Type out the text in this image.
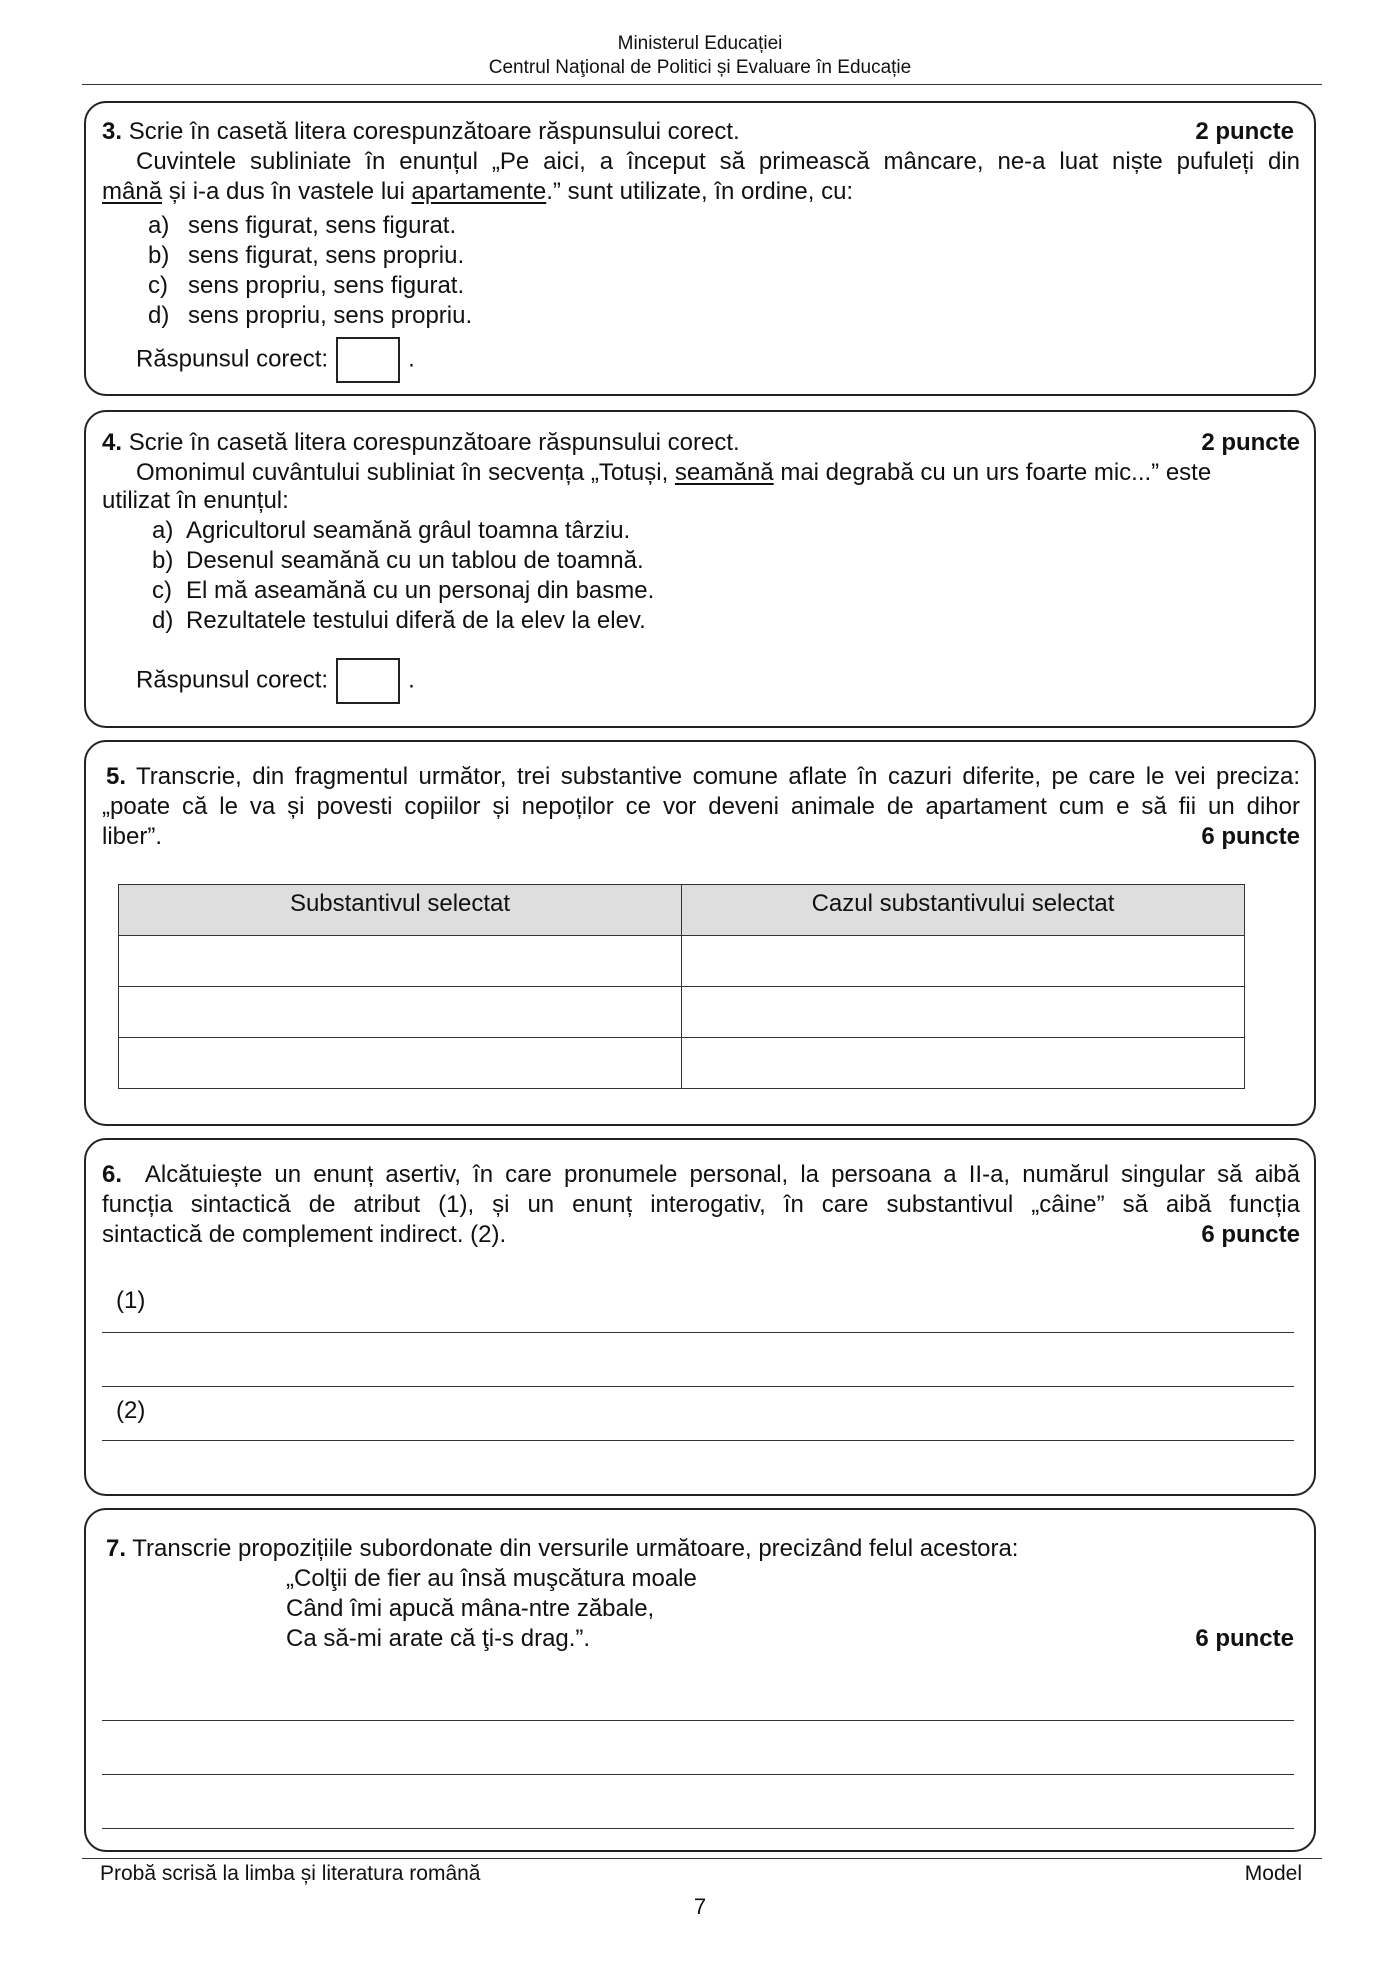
Ministerul Educației
Centrul Naţional de Politici și Evaluare în Educație
3. Scrie în casetă litera corespunzătoare răspunsului corect.	2 puncte
Cuvintele subliniate în enunțul „Pe aici, a început să primească mâncare, ne-a luat niște pufuleți din
mână și i-a dus în vastele lui apartamente.” sunt utilizate, în ordine, cu:
a) sens figurat, sens figurat.
b) sens figurat, sens propriu.
c) sens propriu, sens figurat.
d) sens propriu, sens propriu.
Răspunsul corect:	.
4. Scrie în casetă litera corespunzătoare răspunsului corect.	2 puncte
Omonimul cuvântului subliniat în secvența „Totuși, seamănă mai degrabă cu un urs foarte mic...” este
utilizat în enunțul:
a) Agricultorul seamănă grâul toamna târziu.
b) Desenul seamănă cu un tablou de toamnă.
c) El mă aseamănă cu un personaj din basme.
d) Rezultatele testului diferă de la elev la elev.
Răspunsul corect:	.
5. Transcrie, din fragmentul următor, trei substantive comune aflate în cazuri diferite, pe care le vei preciza:
„poate că le va și povesti copiilor și nepoților ce vor deveni animale de apartament cum e să fii un dihor
liber”.	6 puncte
Substantivul selectat	Cazul substantivului selectat

6. Alcătuiește un enunț asertiv, în care pronumele personal, la persoana a II-a, numărul singular să aibă
funcția sintactică de atribut (1), și un enunț interogativ, în care substantivul „câine” să aibă funcția
sintactică de complement indirect. (2).	6 puncte
(1)
(2)
7. Transcrie propozițiile subordonate din versurile următoare, precizând felul acestora:
„Colţii de fier au însă muşcătura moale
Când îmi apucă mâna-ntre zăbale,
Ca să-mi arate că ţi-s drag.”.	6 puncte
Probă scrisă la limba și literatura română	Model
7
